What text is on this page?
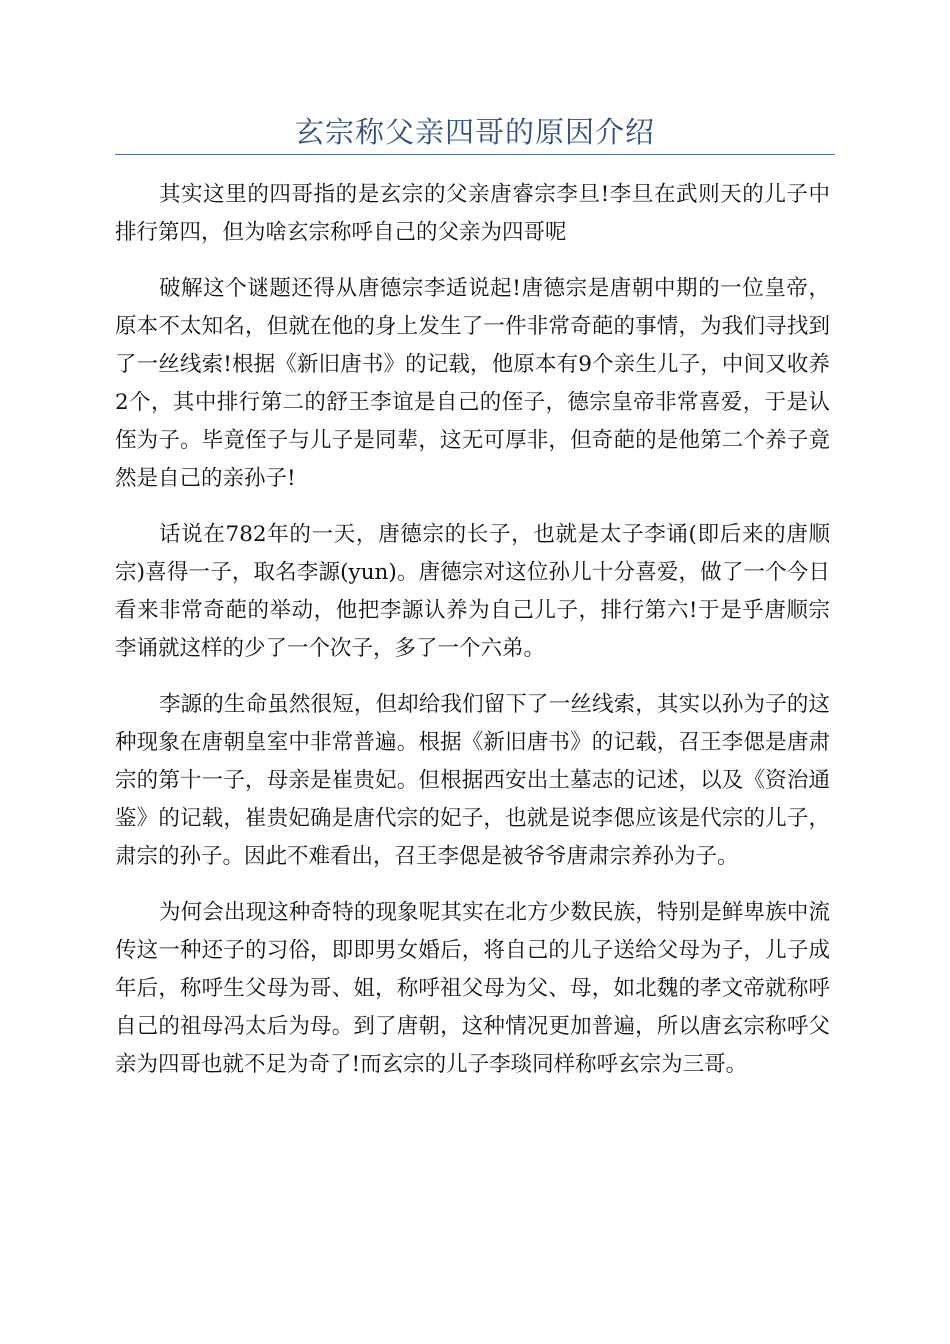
玄宗称父亲四哥的原因介绍

其实这里的四哥指的是玄宗的父亲唐睿宗李旦!李旦在武则天的儿子中排行第四，但为啥玄宗称呼自己的父亲为四哥呢

破解这个谜题还得从唐德宗李适说起!唐德宗是唐朝中期的一位皇帝，原本不太知名，但就在他的身上发生了一件非常奇葩的事情，为我们寻找到了一丝线索!根据《新旧唐书》的记载，他原本有9个亲生儿子，中间又收养2个，其中排行第二的舒王李谊是自己的侄子，德宗皇帝非常喜爱，于是认侄为子。毕竟侄子与儿子是同辈，这无可厚非，但奇葩的是他第二个养子竟然是自己的亲孙子!

话说在782年的一天，唐德宗的长子，也就是太子李诵(即后来的唐顺宗)喜得一子，取名李謜(yun)。唐德宗对这位孙儿十分喜爱，做了一个今日看来非常奇葩的举动，他把李謜认养为自己儿子，排行第六!于是乎唐顺宗李诵就这样的少了一个次子，多了一个六弟。

李謜的生命虽然很短，但却给我们留下了一丝线索，其实以孙为子的这种现象在唐朝皇室中非常普遍。根据《新旧唐书》的记载，召王李偲是唐肃宗的第十一子，母亲是崔贵妃。但根据西安出土墓志的记述，以及《资治通鉴》的记载，崔贵妃确是唐代宗的妃子，也就是说李偲应该是代宗的儿子，肃宗的孙子。因此不难看出，召王李偲是被爷爷唐肃宗养孙为子。

为何会出现这种奇特的现象呢其实在北方少数民族，特别是鲜卑族中流传这一种还子的习俗，即即男女婚后，将自己的儿子送给父母为子，儿子成年后，称呼生父母为哥、姐，称呼祖父母为父、母，如北魏的孝文帝就称呼自己的祖母冯太后为母。到了唐朝，这种情况更加普遍，所以唐玄宗称呼父亲为四哥也就不足为奇了!而玄宗的儿子李琰同样称呼玄宗为三哥。
